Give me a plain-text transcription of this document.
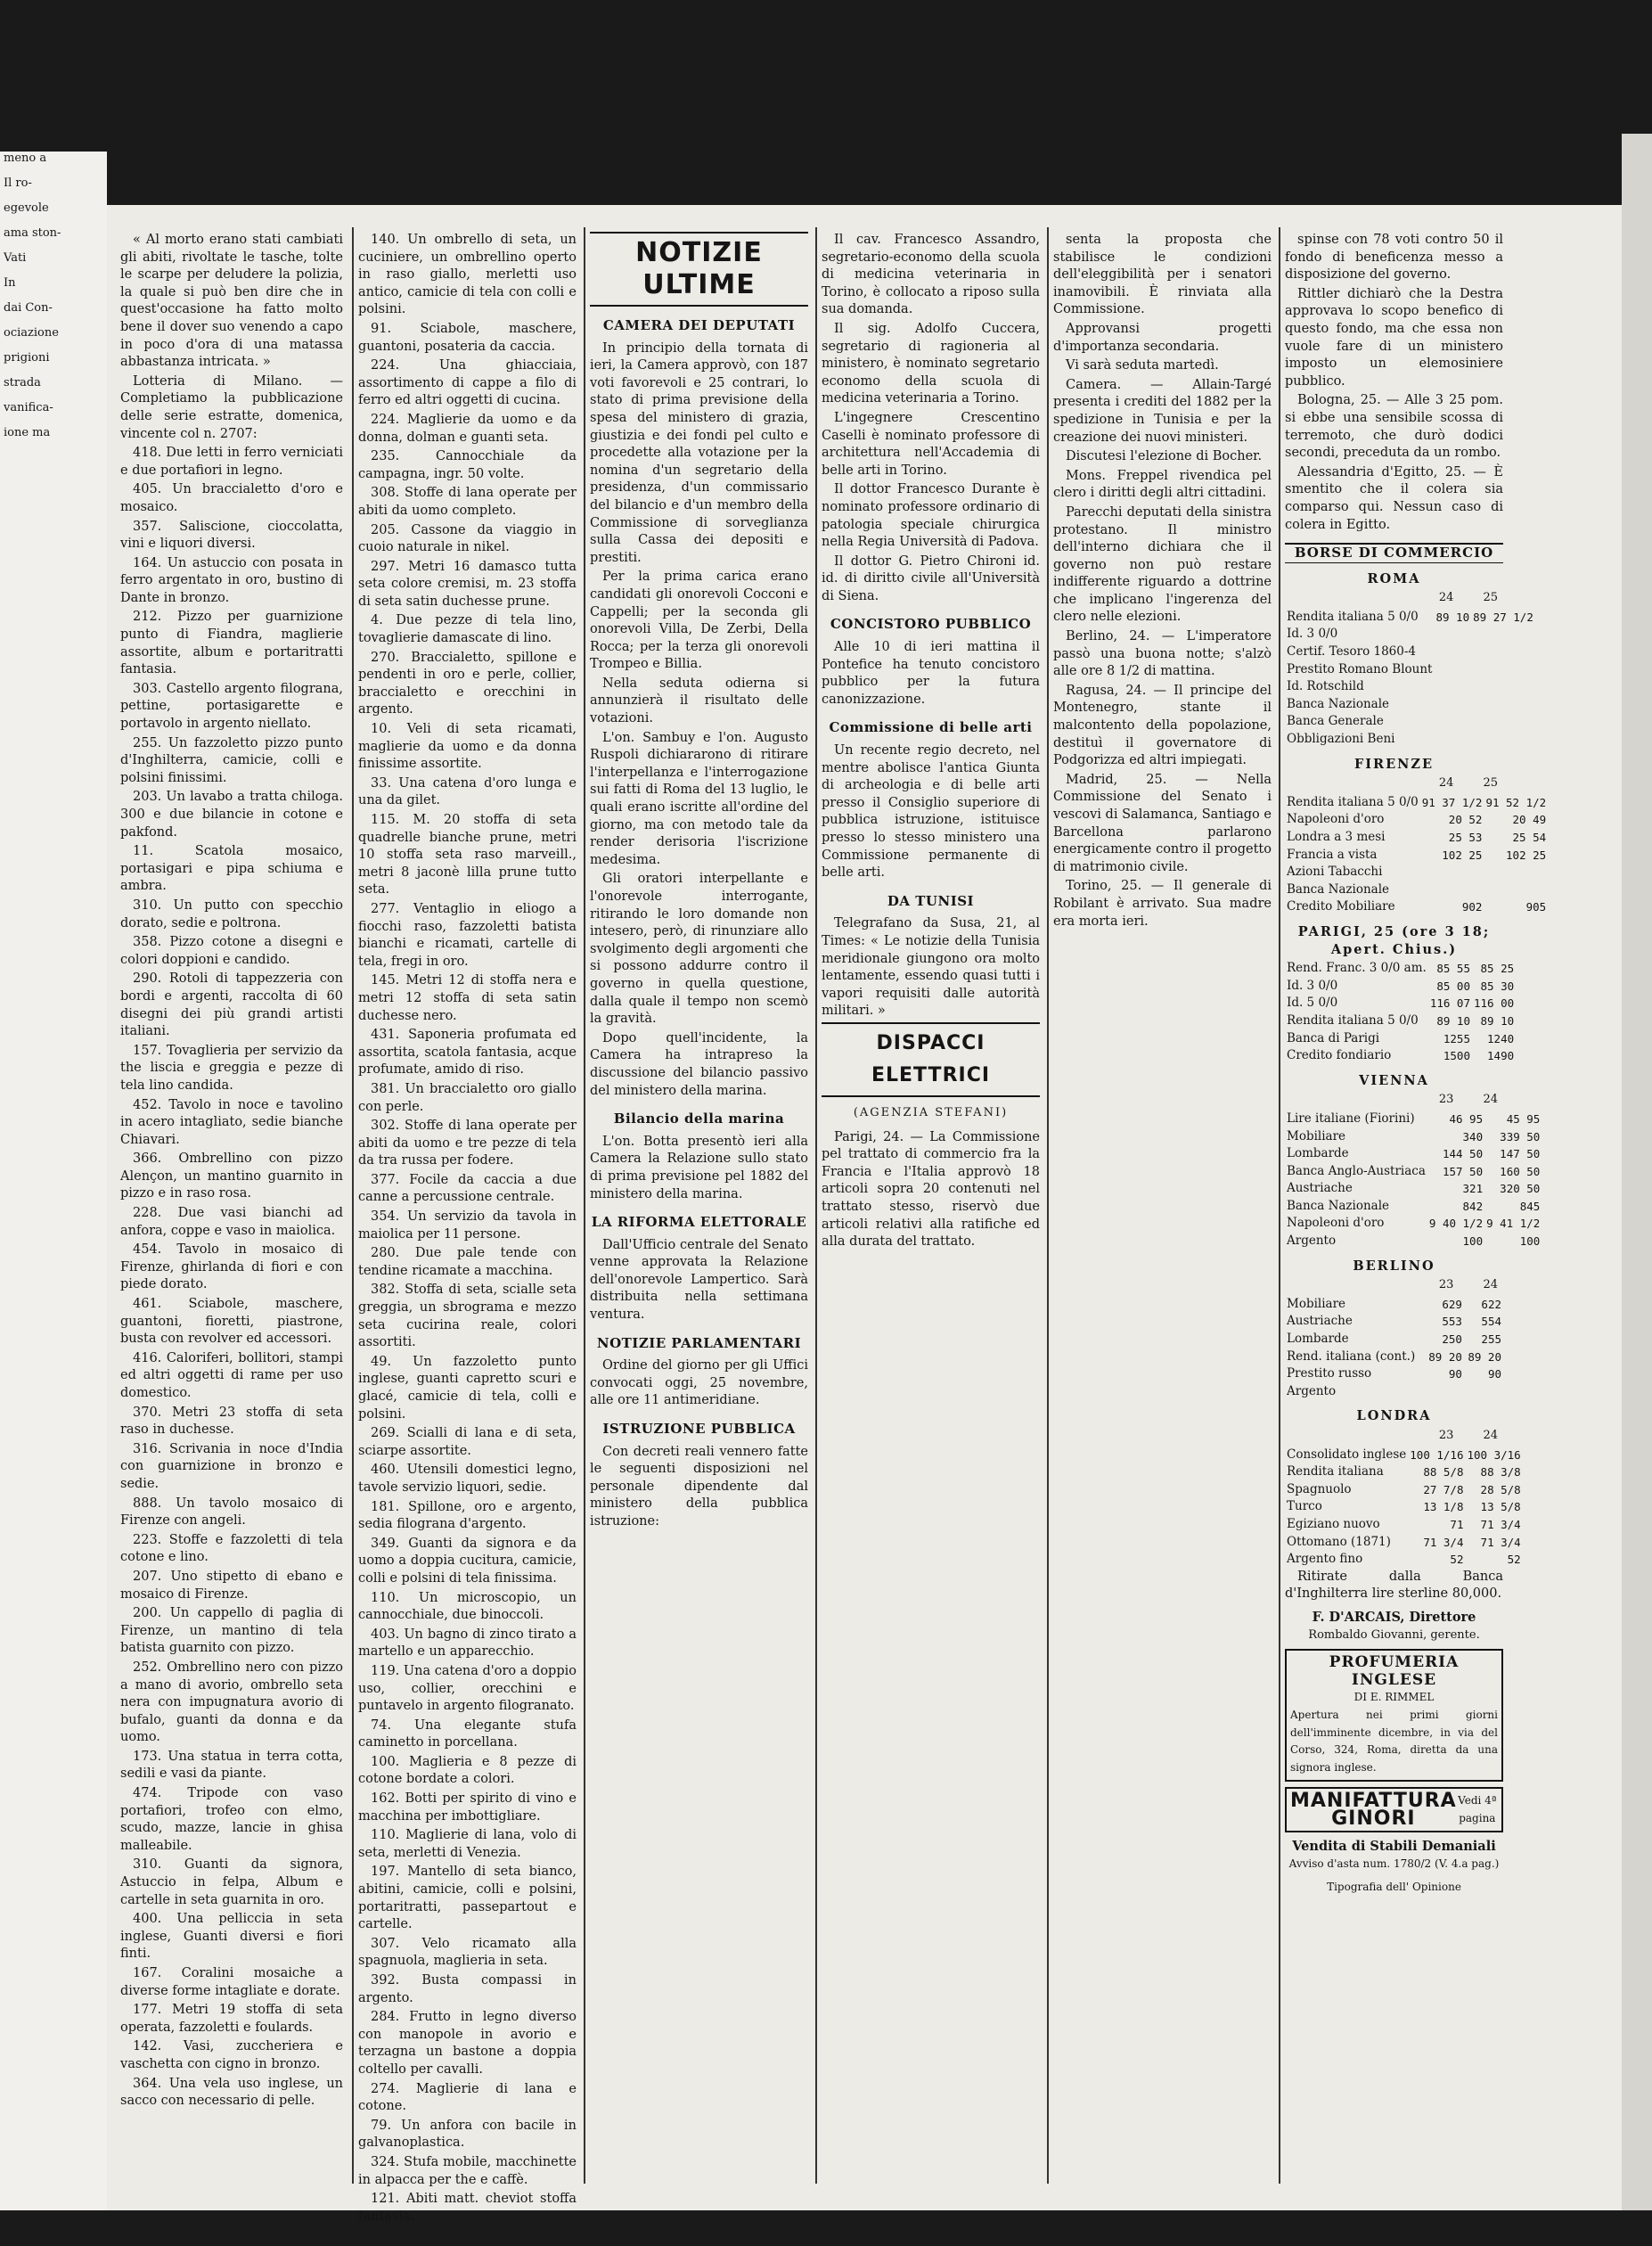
meno a
Il ro-
egevole
ama ston-
Vati
In
dai Con-
ociazione
prigioni
strada
vanifica-
ione ma

« Al morto erano stati cambiati gli abiti, rivoltate le tasche, tolte le scarpe per deludere la polizia, la quale si può ben dire che in quest'occasione ha fatto molto bene il dover suo venendo a capo in poco d'ora di una matassa abbastanza intricata. »

Lotteria di Milano. — Completiamo la pubblicazione delle serie estratte, domenica, vincente col n. 2707:

418. Due letti in ferro verniciati e due portafiori in legno.

405. Un braccialetto d'oro e mosaico.

357. Saliscione, cioccolatta, vini e liquori diversi.

164. Un astuccio con posata in ferro argentato in oro, bustino di Dante in bronzo.

212. Pizzo per guarnizione punto di Fiandra, maglierie assortite, album e portaritratti fantasia.

303. Castello argento filograna, pettine, portasigarette e portavolo in argento niellato.

255. Un fazzoletto pizzo punto d'Inghilterra, camicie, colli e polsini finissimi.

203. Un lavabo a tratta chiloga. 300 e due bilancie in cotone e pakfond.

11. Scatola mosaico, portasigari e pipa schiuma e ambra.

310. Un putto con specchio dorato, sedie e poltrona.

358. Pizzo cotone a disegni e colori doppioni e candido.

290. Rotoli di tappezzeria con bordi e argenti, raccolta di 60 disegni dei più grandi artisti italiani.

157. Tovaglieria per servizio da the liscia e greggia e pezze di tela lino candida.

452. Tavolo in noce e tavolino in acero intagliato, sedie bianche Chiavari.

366. Ombrellino con pizzo Alençon, un mantino guarnito in pizzo e in raso rosa.

228. Due vasi bianchi ad anfora, coppe e vaso in maiolica.

454. Tavolo in mosaico di Firenze, ghirlanda di fiori e con piede dorato.

461. Sciabole, maschere, guantoni, fioretti, piastrone, busta con revolver ed accessori.

416. Caloriferi, bollitori, stampi ed altri oggetti di rame per uso domestico.

370. Metri 23 stoffa di seta raso in duchesse.

316. Scrivania in noce d'India con guarnizione in bronzo e sedie.

888. Un tavolo mosaico di Firenze con angeli.

223. Stoffe e fazzoletti di tela cotone e lino.

207. Uno stipetto di ebano e mosaico di Firenze.

200. Un cappello di paglia di Firenze, un mantino di tela batista guarnito con pizzo.

252. Ombrellino nero con pizzo a mano di avorio, ombrello seta nera con impugnatura avorio di bufalo, guanti da donna e da uomo.

173. Una statua in terra cotta, sedili e vasi da piante.

474. Tripode con vaso portafiori, trofeo con elmo, scudo, mazze, lancie in ghisa malleabile.

310. Guanti da signora, Astuccio in felpa, Album e cartelle in seta guarnita in oro.

400. Una pelliccia in seta inglese, Guanti diversi e fiori finti.

167. Coralini mosaiche a diverse forme intagliate e dorate.

177. Metri 19 stoffa di seta operata, fazzoletti e foulards.

142. Vasi, zuccheriera e vaschetta con cigno in bronzo.

364. Una vela uso inglese, un sacco con necessario di pelle.

140. Un ombrello di seta, un cuciniere, un ombrellino operto in raso giallo, merletti uso antico, camicie di tela con colli e polsini.

91. Sciabole, maschere, guantoni, posateria da caccia.

224. Una ghiacciaia, assortimento di cappe a filo di ferro ed altri oggetti di cucina.

224. Maglierie da uomo e da donna, dolman e guanti seta.

235. Cannocchiale da campagna, ingr. 50 volte.

308. Stoffe di lana operate per abiti da uomo completo.

205. Cassone da viaggio in cuoio naturale in nikel.

297. Metri 16 damasco tutta seta colore cremisi, m. 23 stoffa di seta satin duchesse prune.

4. Due pezze di tela lino, tovaglierie damascate di lino.

270. Braccialetto, spillone e pendenti in oro e perle, collier, braccialetto e orecchini in argento.

10. Veli di seta ricamati, maglierie da uomo e da donna finissime assortite.

33. Una catena d'oro lunga e una da gilet.

115. M. 20 stoffa di seta quadrelle bianche prune, metri 10 stoffa seta raso marveill., metri 8 jaconè lilla prune tutto seta.

277. Ventaglio in eliogo a fiocchi raso, fazzoletti batista bianchi e ricamati, cartelle di tela, fregi in oro.

145. Metri 12 di stoffa nera e metri 12 stoffa di seta satin duchesse nero.

431. Saponeria profumata ed assortita, scatola fantasia, acque profumate, amido di riso.

381. Un braccialetto oro giallo con perle.

302. Stoffe di lana operate per abiti da uomo e tre pezze di tela da tra russa per fodere.

377. Focile da caccia a due canne a percussione centrale.

354. Un servizio da tavola in maiolica per 11 persone.

280. Due pale tende con tendine ricamate a macchina.

382. Stoffa di seta, scialle seta greggia, un sbrograma e mezzo seta cucirina reale, colori assortiti.

49. Un fazzoletto punto inglese, guanti capretto scuri e glacé, camicie di tela, colli e polsini.

269. Scialli di lana e di seta, sciarpe assortite.

460. Utensili domestici legno, tavole servizio liquori, sedie.

181. Spillone, oro e argento, sedia filograna d'argento.

349. Guanti da signora e da uomo a doppia cucitura, camicie, colli e polsini di tela finissima.

110. Un microscopio, un cannocchiale, due binoccoli.

403. Un bagno di zinco tirato a martello e un apparecchio.

119. Una catena d'oro a doppio uso, collier, orecchini e puntavelo in argento filogranato.

74. Una elegante stufa caminetto in porcellana.

100. Maglieria e 8 pezze di cotone bordate a colori.

162. Botti per spirito di vino e macchina per imbottigliare.

110. Maglierie di lana, volo di seta, merletti di Venezia.

197. Mantello di seta bianco, abitini, camicie, colli e polsini, portaritratti, passepartout e cartelle.

307. Velo ricamato alla spagnuola, maglieria in seta.

392. Busta compassi in argento.

284. Frutto in legno diverso con manopole in avorio e terzagna un bastone a doppia coltello per cavalli.

274. Maglierie di lana e cotone.

79. Un anfora con bacile in galvanoplastica.

324. Stufa mobile, macchinette in alpacca per the e caffè.

121. Abiti matt. cheviot stoffa fantasia.

NOTIZIE ULTIME
CAMERA DEI DEPUTATI

In principio della tornata di ieri, la Camera approvò, con 187 voti favorevoli e 25 contrari, lo stato di prima previsione della spesa del ministero di grazia, giustizia e dei fondi pel culto e procedette alla votazione per la nomina d'un segretario della presidenza, d'un commissario del bilancio e d'un membro della Commissione di sorveglianza sulla Cassa dei depositi e prestiti.

Per la prima carica erano candidati gli onorevoli Cocconi e Cappelli; per la seconda gli onorevoli Villa, De Zerbi, Della Rocca; per la terza gli onorevoli Trompeo e Billia.

Nella seduta odierna si annunzierà il risultato delle votazioni.

L'on. Sambuy e l'on. Augusto Ruspoli dichiararono di ritirare l'interpellanza e l'interrogazione sui fatti di Roma del 13 luglio, le quali erano iscritte all'ordine del giorno, ma con metodo tale da render derisoria l'iscrizione medesima.

Gli oratori interpellante e l'onorevole interrogante, ritirando le loro domande non intesero, però, di rinunziare allo svolgimento degli argomenti che si possono addurre contro il governo in quella questione, dalla quale il tempo non scemò la gravità.

Dopo quell'incidente, la Camera ha intrapreso la discussione del bilancio passivo del ministero della marina.

Bilancio della marina

L'on. Botta presentò ieri alla Camera la Relazione sullo stato di prima previsione pel 1882 del ministero della marina.

LA RIFORMA ELETTORALE

Dall'Ufficio centrale del Senato venne approvata la Relazione dell'onorevole Lampertico. Sarà distribuita nella settimana ventura.

NOTIZIE PARLAMENTARI

Ordine del giorno per gli Uffici convocati oggi, 25 novembre, alle ore 11 antimeridiane.

ISTRUZIONE PUBBLICA

Con decreti reali vennero fatte le seguenti disposizioni nel personale dipendente dal ministero della pubblica istruzione:

Il cav. Francesco Assandro, segretario-economo della scuola di medicina veterinaria in Torino, è collocato a riposo sulla sua domanda.

Il sig. Adolfo Cuccera, segretario di ragioneria al ministero, è nominato segretario economo della scuola di medicina veterinaria a Torino.

L'ingegnere Crescentino Caselli è nominato professore di architettura nell'Accademia di belle arti in Torino.

Il dottor Francesco Durante è nominato professore ordinario di patologia speciale chirurgica nella Regia Università di Padova.

Il dottor G. Pietro Chironi id. id. di diritto civile all'Università di Siena.

CONCISTORO PUBBLICO

Alle 10 di ieri mattina il Pontefice ha tenuto concistoro pubblico per la futura canonizzazione.

Commissione di belle arti

Un recente regio decreto, nel mentre abolisce l'antica Giunta di archeologia e di belle arti presso il Consiglio superiore di pubblica istruzione, istituisce presso lo stesso ministero una Commissione permanente di belle arti.

DA TUNISI

Telegrafano da Susa, 21, al Times: « Le notizie della Tunisia meridionale giungono ora molto lentamente, essendo quasi tutti i vapori requisiti dalle autorità militari. »

DISPACCI ELETTRICI
(AGENZIA STEFANI)

Parigi, 24. — La Commissione pel trattato di commercio fra la Francia e l'Italia approvò 18 articoli sopra 20 contenuti nel trattato stesso, riservò due articoli relativi alla ratifiche ed alla durata del trattato.

senta la proposta che stabilisce le condizioni dell'eleggibilità per i senatori inamovibili. È rinviata alla Commissione.

Approvansi progetti d'importanza secondaria.

Vi sarà seduta martedì.

Camera. — Allain-Targé presenta i crediti del 1882 per la spedizione in Tunisia e per la creazione dei nuovi ministeri.

Discutesi l'elezione di Bocher.

Mons. Freppel rivendica pel clero i diritti degli altri cittadini.

Parecchi deputati della sinistra protestano. Il ministro dell'interno dichiara che il governo non può restare indifferente riguardo a dottrine che implicano l'ingerenza del clero nelle elezioni.

Berlino, 24. — L'imperatore passò una buona notte; s'alzò alle ore 8 1/2 di mattina.

Ragusa, 24. — Il principe del Montenegro, stante il malcontento della popolazione, destituì il governatore di Podgorizza ed altri impiegati.

Madrid, 25. — Nella Commissione del Senato i vescovi di Salamanca, Santiago e Barcellona parlarono energicamente contro il progetto di matrimonio civile.

Torino, 25. — Il generale di Robilant è arrivato. Sua madre era morta ieri.

spinse con 78 voti contro 50 il fondo di beneficenza messo a disposizione del governo.

Rittler dichiarò che la Destra approvava lo scopo benefico di questo fondo, ma che essa non vuole fare di un ministero imposto un elemosiniere pubblico.

Bologna, 25. — Alle 3 25 pom. si ebbe una sensibile scossa di terremoto, che durò dodici secondi, preceduta da un rombo.

Alessandria d'Egitto, 25. — È smentito che il colera sia comparso qui. Nessun caso di colera in Egitto.

BORSE DI COMMERCIO
ROMA
24        25
Rendita italiana 5 0/0	89 10	89 27 1/2
Id. 3 0/0		
Certif. Tesoro 1860-4		
Prestito Romano Blount		
Id. Rotschild		
Banca Nazionale		
Banca Generale		
Obbligazioni Beni		
FIRENZE
24        25
Rendita italiana 5 0/0	91 37 1/2	91 52 1/2
Napoleoni d'oro	20 52	20 49
Londra a 3 mesi	25 53	25 54
Francia a vista	102 25	102 25
Azioni Tabacchi		
Banca Nazionale		
Credito Mobiliare	902	905
PARIGI, 25 (ore 3 18; Apert. Chius.)
Rend. Franc. 3 0/0 am.	85 55	85 25
Id. 3 0/0	85 00	85 30
Id. 5 0/0	116 07	116 00
Rendita italiana 5 0/0	89 10	89 10
Banca di Parigi	1255	1240
Credito fondiario	1500	1490
VIENNA
23        24
Lire italiane (Fiorini)	46 95	45 95
Mobiliare	340	339 50
Lombarde	144 50	147 50
Banca Anglo-Austriaca	157 50	160 50
Austriache	321	320 50
Banca Nazionale	842	845
Napoleoni d'oro	9 40 1/2	9 41 1/2
Argento	100	100
BERLINO
23        24
Mobiliare	629	622
Austriache	553	554
Lombarde	250	255
Rend. italiana (cont.)	89 20	89 20
Prestito russo	90	90
Argento		
LONDRA
23        24
Consolidato inglese	100 1/16	100 3/16
Rendita italiana	88 5/8	88 3/8
Spagnuolo	27 7/8	28 5/8
Turco	13 1/8	13 5/8
Egiziano nuovo	71	71 3/4
Ottomano (1871)	71 3/4	71 3/4
Argento fino	52	52

Ritirate dalla Banca d'Inghilterra lire sterline 80,000.

F. D'ARCAIS, Direttore
Rombaldo Giovanni, gerente.
PROFUMERIA INGLESE
DI E. RIMMEL
Apertura nei primi giorni dell'imminente dicembre, in via del Corso, 324, Roma, diretta da una signora inglese.
MANIFATTURA GINORI
Vedi 4ª pagina
Vendita di Stabili Demaniali
Avviso d'asta num. 1780/2 (V. 4.a pag.)
Tipografia dell' Opinione
